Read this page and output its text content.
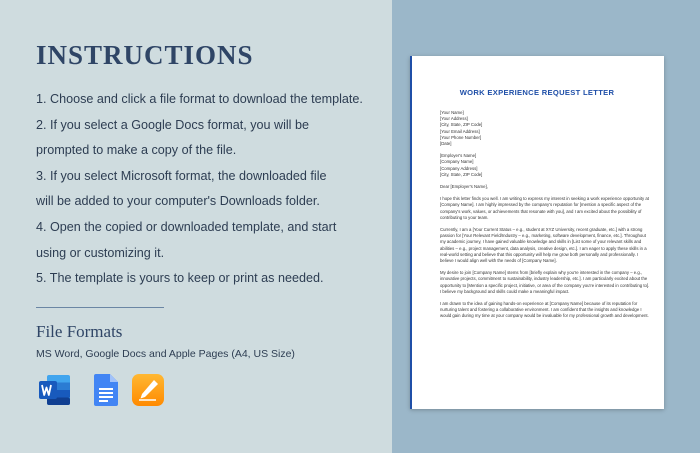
INSTRUCTIONS
1. Choose and click a file format to download the template.
2. If you select a Google Docs format, you will be
prompted to make a copy of the file.
3. If you select Microsoft format, the downloaded file
will be added to your computer's Downloads folder.
4. Open the copied or downloaded template, and start
using or customizing it.
5. The template is yours to keep or print as needed.
File Formats
MS Word, Google Docs and Apple Pages (A4, US Size)
WORK EXPERIENCE REQUEST LETTER
[Your Name]
[Your Address]
[City, State, ZIP Code]
[Your Email Address]
[Your Phone Number]
[Date]
[Employer's Name]
[Company Name]
[Company Address]
[City, State, ZIP Code]
Dear [Employer's Name],

I hope this letter finds you well. I am writing to express my interest in seeking a work experience opportunity at [Company Name]. I am highly impressed by the company's reputation for [mention a specific aspect of the company's work, values, or achievements that resonate with you], and I am excited about the possibility of contributing to your team.

Currently, I am a [Your Current Status – e.g., student at XYZ University, recent graduate, etc.] with a strong passion for [Your Relevant Field/Industry – e.g., marketing, software development, finance, etc.]. Throughout my academic journey, I have gained valuable knowledge and skills in [List some of your relevant skills and abilities – e.g., project management, data analysis, creative design, etc.]. I am eager to apply these skills in a real-world setting and believe that this opportunity will help me grow both personally and professionally. I believe I would align well with the needs of [Company Name].

My desire to join [Company Name] stems from [briefly explain why you're interested in the company – e.g., innovative projects, commitment to sustainability, industry leadership, etc.]. I am particularly excited about the opportunity to [Mention a specific project, initiative, or area of the company you're interested in contributing to]. I believe my background and skills could make a meaningful impact.

I am drawn to the idea of gaining hands-on experience at [Company Name] because of its reputation for nurturing talent and fostering a collaborative environment. I am confident that the insights and knowledge I would gain during my time at your company would be invaluable for my professional growth and development.
